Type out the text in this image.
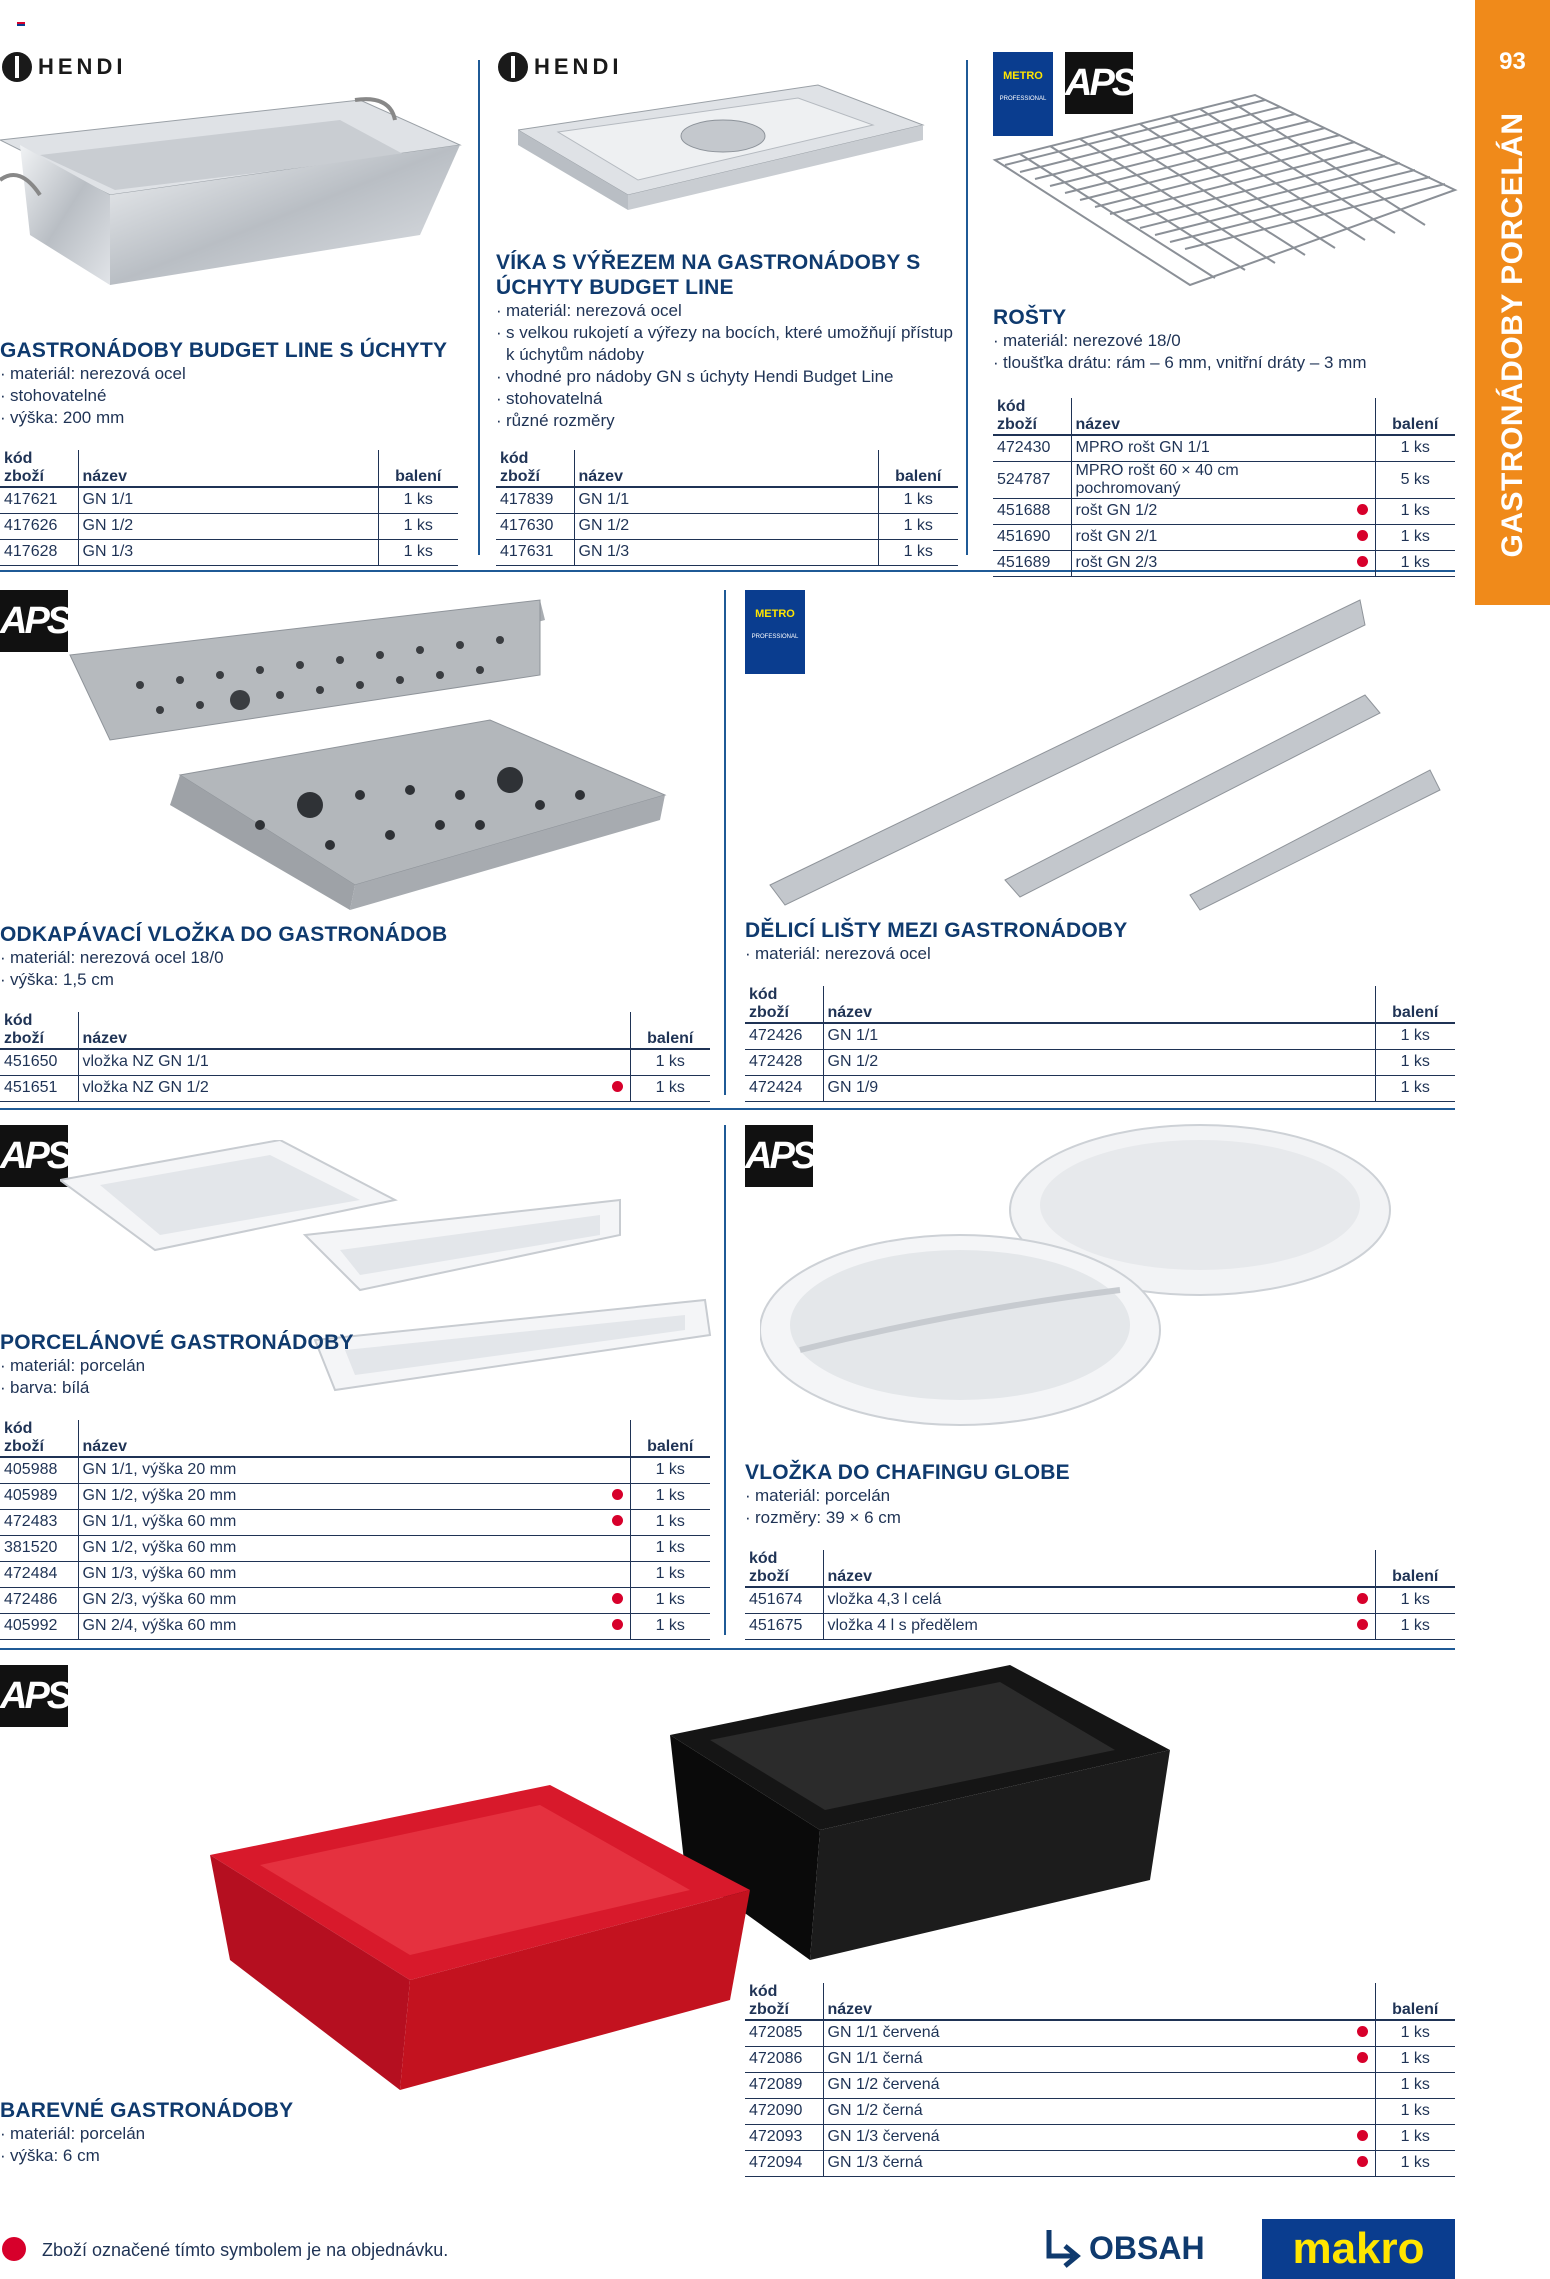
93
GASTRONÁDOBY PORCELÁN
HENDI
GASTRONÁDOBY BUDGET LINE S ÚCHYTY
· materiál: nerezová ocel
· stohovatelné
· výška: 200 mm
kód zboží	název	balení
417621	GN 1/1	1 ks
417626	GN 1/2	1 ks
417628	GN 1/3	1 ks
HENDI
VÍKA S VÝŘEZEM NA GASTRONÁDOBY S ÚCHYTY BUDGET LINE
· materiál: nerezová ocel
· s velkou rukojetí a výřezy na bocích, které umožňují přístup k úchytům nádoby
· vhodné pro nádoby GN s úchyty Hendi Budget Line
· stohovatelná
· různé rozměry
kód zboží	název	balení
417839	GN 1/1	1 ks
417630	GN 1/2	1 ks
417631	GN 1/3	1 ks
METRO
PROFESSIONAL APS
ROŠTY
· materiál: nerezové 18/0
· tloušťka drátu: rám – 6 mm, vnitřní dráty – 3 mm
kód zboží	název		balení
472430	MPRO rošt GN 1/1		1 ks
524787	MPRO rošt 60 × 40 cm pochromovaný		5 ks
451688	rošt GN 1/2		1 ks
451690	rošt GN 2/1		1 ks
451689	rošt GN 2/3		1 ks
APS
ODKAPÁVACÍ VLOŽKA DO GASTRONÁDOB
· materiál: nerezová ocel 18/0
· výška: 1,5 cm
kód zboží	název		balení
451650	vložka NZ GN 1/1		1 ks
451651	vložka NZ GN 1/2		1 ks
METRO
PROFESSIONAL
DĚLICÍ LIŠTY MEZI GASTRONÁDOBY
· materiál: nerezová ocel
kód zboží	název		balení
472426	GN 1/1		1 ks
472428	GN 1/2		1 ks
472424	GN 1/9		1 ks
APS
PORCELÁNOVÉ GASTRONÁDOBY
· materiál: porcelán
· barva: bílá
kód zboží	název		balení
405988	GN 1/1, výška 20 mm		1 ks
405989	GN 1/2, výška 20 mm		1 ks
472483	GN 1/1, výška 60 mm		1 ks
381520	GN 1/2, výška 60 mm		1 ks
472484	GN 1/3, výška 60 mm		1 ks
472486	GN 2/3, výška 60 mm		1 ks
405992	GN 2/4, výška 60 mm		1 ks
APS
VLOŽKA DO CHAFINGU GLOBE
· materiál: porcelán
· rozměry: 39 × 6 cm
kód zboží	název		balení
451674	vložka 4,3 l celá		1 ks
451675	vložka 4 l s předělem		1 ks
APS
BAREVNÉ GASTRONÁDOBY
· materiál: porcelán
· výška: 6 cm
kód zboží	název		balení
472085	GN 1/1 červená		1 ks
472086	GN 1/1 černá		1 ks
472089	GN 1/2 červená		1 ks
472090	GN 1/2 černá		1 ks
472093	GN 1/3 červená		1 ks
472094	GN 1/3 černá		1 ks
Zboží označené tímto symbolem je na objednávku.	OBSAH	makro
